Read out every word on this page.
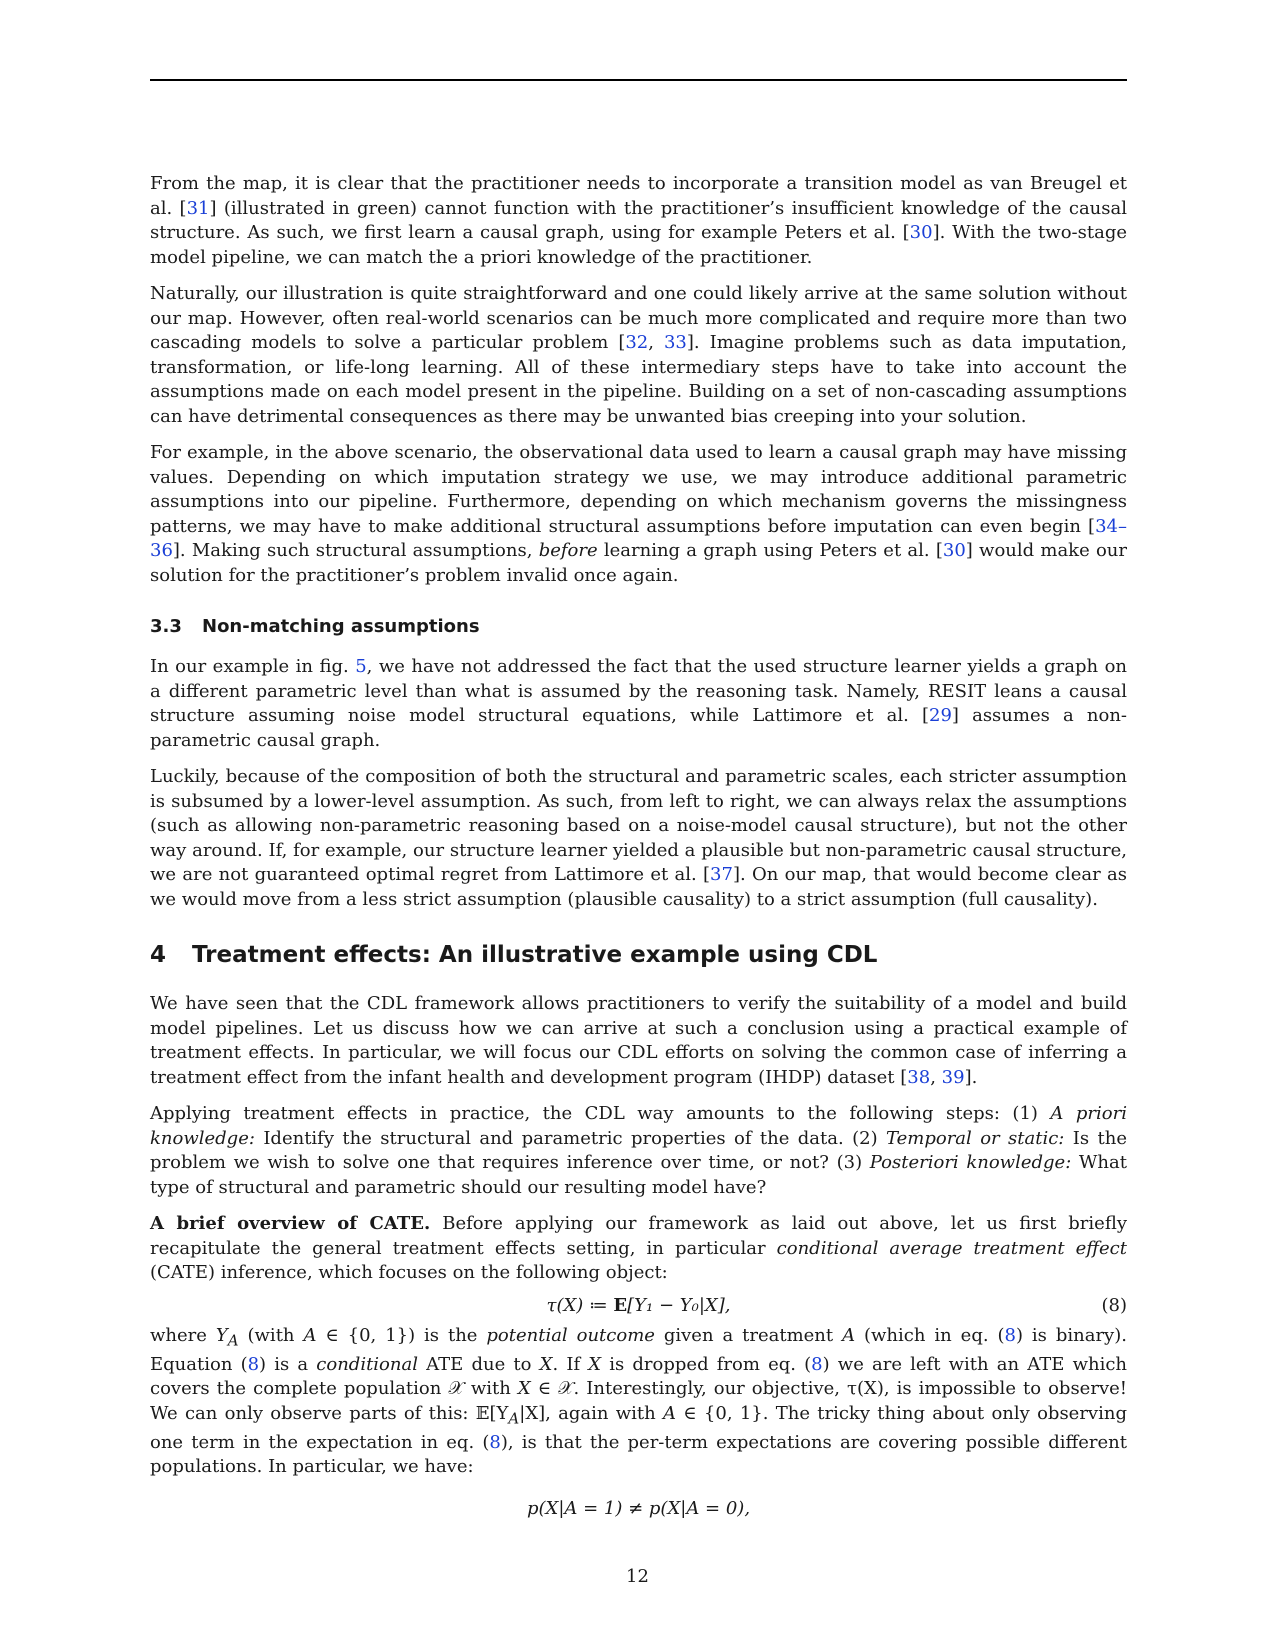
From the map, it is clear that the practitioner needs to incorporate a transition model as van Breugel et al. [31] (illustrated in green) cannot function with the practitioner’s insufficient knowledge of the causal structure. As such, we first learn a causal graph, using for example Peters et al. [30]. With the two-stage model pipeline, we can match the a priori knowledge of the practitioner.

Naturally, our illustration is quite straightforward and one could likely arrive at the same solution without our map. However, often real-world scenarios can be much more complicated and require more than two cascading models to solve a particular problem [32, 33]. Imagine problems such as data imputation, transformation, or life-long learning. All of these intermediary steps have to take into account the assumptions made on each model present in the pipeline. Building on a set of non-cascading assumptions can have detrimental consequences as there may be unwanted bias creeping into your solution.

For example, in the above scenario, the observational data used to learn a causal graph may have missing values. Depending on which imputation strategy we use, we may introduce additional parametric assumptions into our pipeline. Furthermore, depending on which mechanism governs the missingness patterns, we may have to make additional structural assumptions before imputation can even begin [34–36]. Making such structural assumptions, before learning a graph using Peters et al. [30] would make our solution for the practitioner’s problem invalid once again.

3.3 Non-matching assumptions

In our example in fig. 5, we have not addressed the fact that the used structure learner yields a graph on a different parametric level than what is assumed by the reasoning task. Namely, RESIT leans a causal structure assuming noise model structural equations, while Lattimore et al. [29] assumes a non-parametric causal graph.

Luckily, because of the composition of both the structural and parametric scales, each stricter assumption is subsumed by a lower-level assumption. As such, from left to right, we can always relax the assumptions (such as allowing non-parametric reasoning based on a noise-model causal structure), but not the other way around. If, for example, our structure learner yielded a plausible but non-parametric causal structure, we are not guaranteed optimal regret from Lattimore et al. [37]. On our map, that would become clear as we would move from a less strict assumption (plausible causality) to a strict assumption (full causality).

4 Treatment effects: An illustrative example using CDL

We have seen that the CDL framework allows practitioners to verify the suitability of a model and build model pipelines. Let us discuss how we can arrive at such a conclusion using a practical example of treatment effects. In particular, we will focus our CDL efforts on solving the common case of inferring a treatment effect from the infant health and development program (IHDP) dataset [38, 39].

Applying treatment effects in practice, the CDL way amounts to the following steps: (1) A priori knowledge: Identify the structural and parametric properties of the data. (2) Temporal or static: Is the problem we wish to solve one that requires inference over time, or not? (3) Posteriori knowledge: What type of structural and parametric should our resulting model have?

A brief overview of CATE. Before applying our framework as laid out above, let us first briefly recapitulate the general treatment effects setting, in particular conditional average treatment effect (CATE) inference, which focuses on the following object:

τ(X) ≔ E[Y₁ − Y₀|X],	(8)

where $Y_A$ (with A ∈ {0, 1}) is the potential outcome given a treatment A (which in eq. (8) is binary). Equation (8) is a conditional ATE due to X. If X is dropped from eq. (8) we are left with an ATE which covers the complete population 𝒳 with X ∈ 𝒳. Interestingly, our objective, τ(X), is impossible to observe! We can only observe parts of this: $𝔼[Y_A|X]$, again with A ∈ {0, 1}. The tricky thing about only observing one term in the expectation in eq. (8), is that the per-term expectations are covering possible different populations. In particular, we have:

p(X|A = 1) ≠ p(X|A = 0),
12
